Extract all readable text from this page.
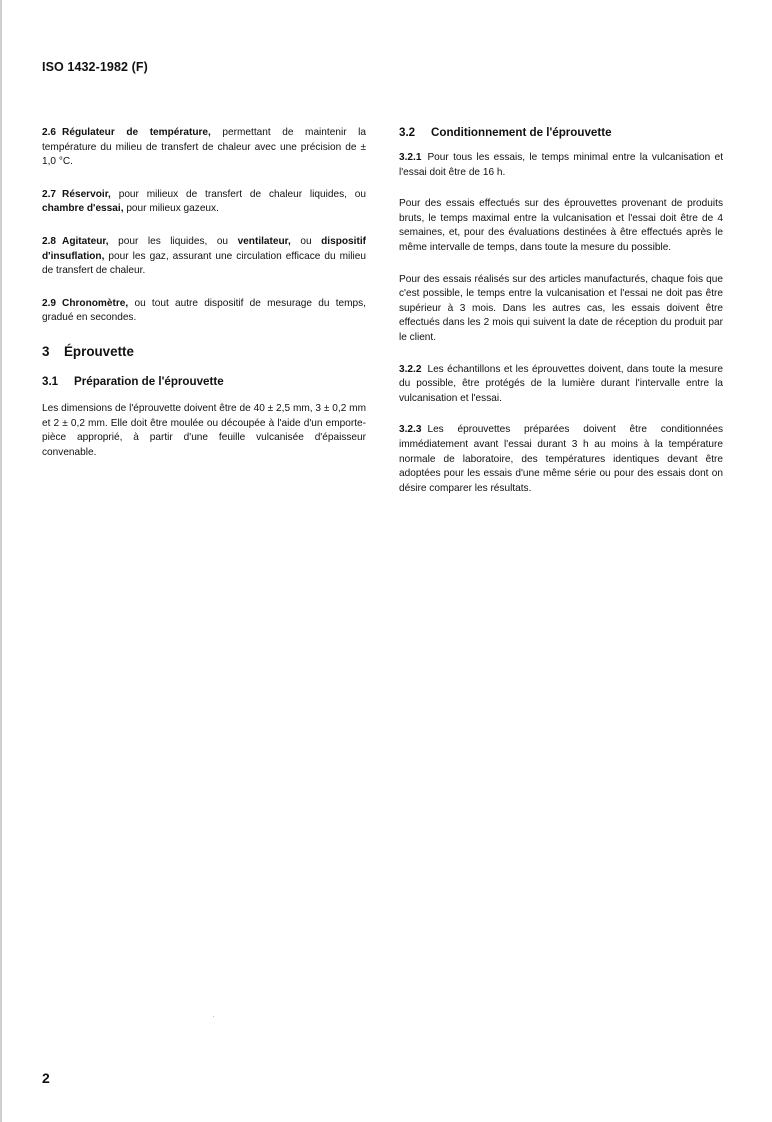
ISO 1432-1982 (F)

2.6 Régulateur de température, permettant de maintenir la température du milieu de transfert de chaleur avec une précision de ± 1,0 °C.

2.7 Réservoir, pour milieux de transfert de chaleur liquides, ou chambre d'essai, pour milieux gazeux.

2.8 Agitateur, pour les liquides, ou ventilateur, ou dispositif d'insuflation, pour les gaz, assurant une circulation efficace du milieu de transfert de chaleur.

2.9 Chronomètre, ou tout autre dispositif de mesurage du temps, gradué en secondes.

3 Éprouvette
3.1 Préparation de l'éprouvette

Les dimensions de l'éprouvette doivent être de 40 ± 2,5 mm, 3 ± 0,2 mm et 2 ± 0,2 mm. Elle doit être moulée ou découpée à l'aide d'un emporte-pièce approprié, à partir d'une feuille vulcanisée d'épaisseur convenable.

3.2 Conditionnement de l'éprouvette

3.2.1 Pour tous les essais, le temps minimal entre la vulcanisation et l'essai doit être de 16 h.

Pour des essais effectués sur des éprouvettes provenant de produits bruts, le temps maximal entre la vulcanisation et l'essai doit être de 4 semaines, et, pour des évaluations destinées à être effectués après le même intervalle de temps, dans toute la mesure du possible.

Pour des essais réalisés sur des articles manufacturés, chaque fois que c'est possible, le temps entre la vulcanisation et l'essai ne doit pas être supérieur à 3 mois. Dans les autres cas, les essais doivent être effectués dans les 2 mois qui suivent la date de réception du produit par le client.

3.2.2 Les échantillons et les éprouvettes doivent, dans toute la mesure du possible, être protégés de la lumière durant l'intervalle entre la vulcanisation et l'essai.

3.2.3 Les éprouvettes préparées doivent être conditionnées immédiatement avant l'essai durant 3 h au moins à la température normale de laboratoire, des températures identiques devant être adoptées pour les essais d'une même série ou pour des essais dont on désire comparer les résultats.

2
